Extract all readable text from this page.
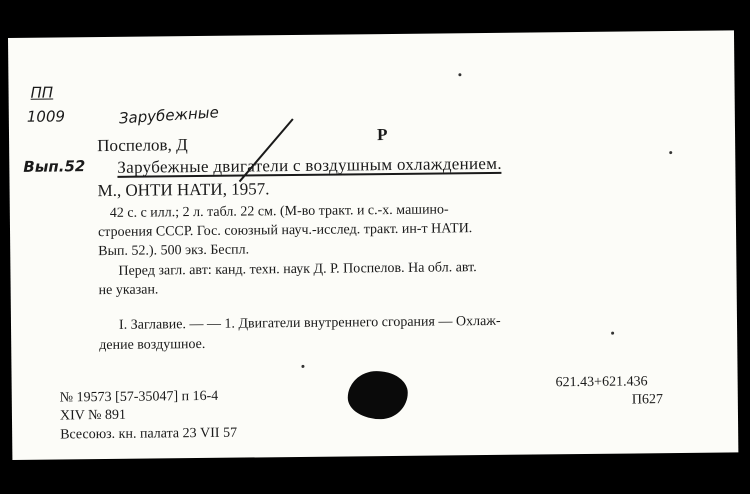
ПП
1009
Вып.52
Зарубежные
Р
Поспелов, Д
Зарубежные двигатели с воздушным охлаждением.
М., ОНТИ НАТИ, 1957.
42 с. с илл.; 2 л. табл. 22 см. (М-во тракт. и с.-х. машино-
строения СССР. Гос. союзный науч.-исслед. тракт. ин-т НАТИ.
Вып. 52.). 500 экз. Беспл.
Перед загл. авт: канд. техн. наук Д. Р. Поспелов. На обл. авт.
не указан.
I. Заглавие. — — 1. Двигатели внутреннего сгорания — Охлаж-
дение воздушное.
№ 19573 [57-35047] п 16-4
XIV № 891
Всесоюз. кн. палата 23 VII 57
621.43+621.436
П627
